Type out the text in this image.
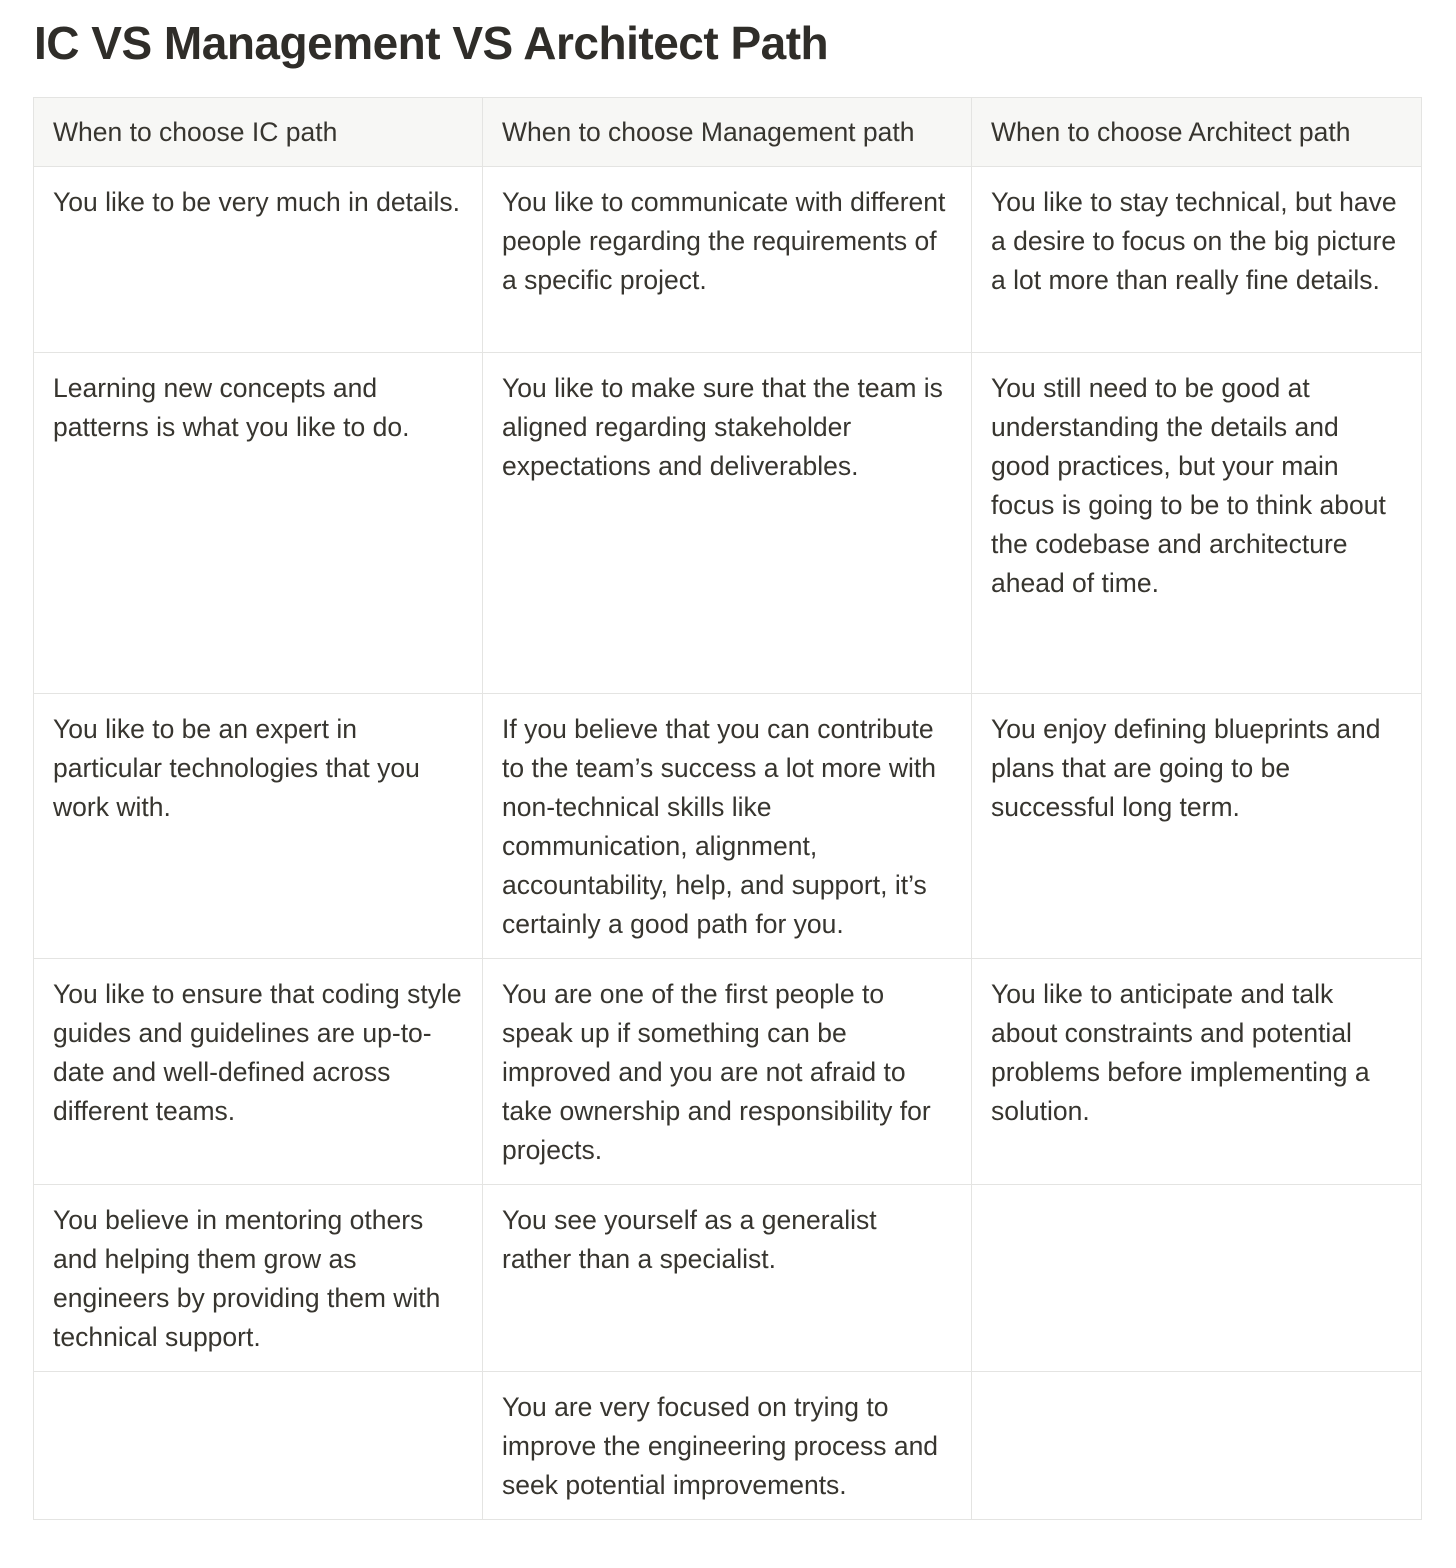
IC VS Management VS Architect Path
When to choose IC path	When to choose Management path	When to choose Architect path
You like to be very much in details.	You like to communicate with different people regarding the requirements of a specific project.	You like to stay technical, but have a desire to focus on the big picture a lot more than really fine details.
Learning new concepts and patterns is what you like to do.	You like to make sure that the team is aligned regarding stakeholder expectations and deliverables.	You still need to be good at understanding the details and good practices, but your main focus is going to be to think about the codebase and architecture ahead of time.
You like to be an expert in particular technologies that you work with.	If you believe that you can contribute to the team’s success a lot more with non-technical skills like communication, alignment, accountability, help, and support, it’s certainly a good path for you.	You enjoy defining blueprints and plans that are going to be successful long term.
You like to ensure that coding style guides and guidelines are up-to-date and well-defined across different teams.	You are one of the first people to speak up if something can be improved and you are not afraid to take ownership and responsibility for projects.	You like to anticipate and talk about constraints and potential problems before implementing a solution.
You believe in mentoring others and helping them grow as engineers by providing them with technical support.	You see yourself as a generalist rather than a specialist.	
	You are very focused on trying to improve the engineering process and seek potential improvements.	
